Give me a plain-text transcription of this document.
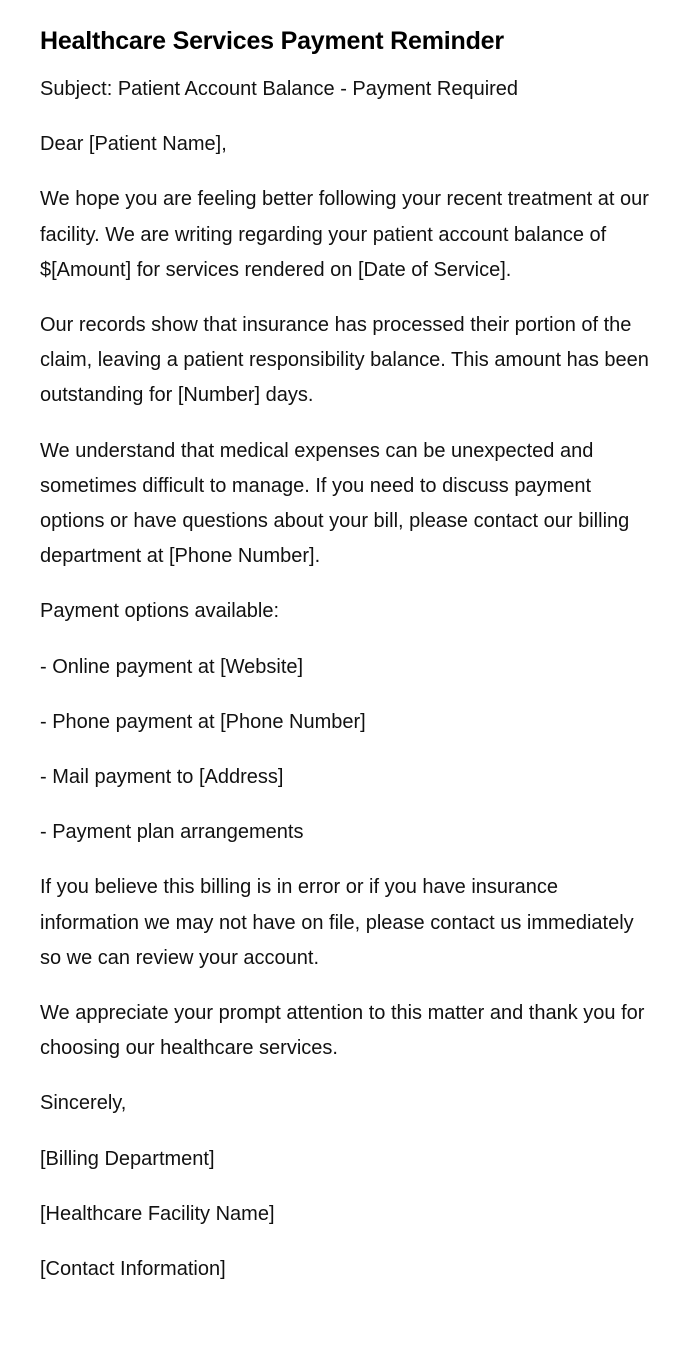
Healthcare Services Payment Reminder

Subject: Patient Account Balance - Payment Required

Dear [Patient Name],

We hope you are feeling better following your recent treatment at our facility. We are writing regarding your patient account balance of $[Amount] for services rendered on [Date of Service].

Our records show that insurance has processed their portion of the claim, leaving a patient responsibility balance. This amount has been outstanding for [Number] days.

We understand that medical expenses can be unexpected and sometimes difficult to manage. If you need to discuss payment options or have questions about your bill, please contact our billing department at [Phone Number].

Payment options available:

- Online payment at [Website]

- Phone payment at [Phone Number]

- Mail payment to [Address]

- Payment plan arrangements

If you believe this billing is in error or if you have insurance information we may not have on file, please contact us immediately so we can review your account.

We appreciate your prompt attention to this matter and thank you for choosing our healthcare services.

Sincerely,

[Billing Department]

[Healthcare Facility Name]

[Contact Information]
